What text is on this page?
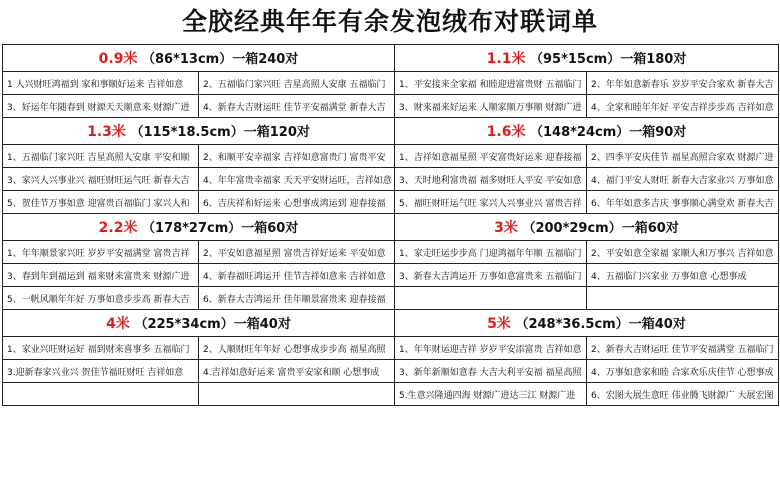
全胶经典年年有余发泡绒布对联词单
0.9米 （86*13cm）一箱240对		1.1米 （95*15cm）一箱180对	
1 人兴财旺鸿福到 家和事顺好运来 吉祥如意	2、五福临门家兴旺 吉星高照人安康 五福临门	1、平安接来全家福 和睦迎进富贵财 五福临门	2、年年如意新春乐 岁岁平安合家欢 新春大吉
3、好运年年随春到 财源天天顺意来 财源广进	4、新春大吉财运旺 佳节平安福满堂 新春大吉	3、财来福来好运来 人顺家顺万事顺 财源广进	4、全家和睦年年好 平安吉祥步步高 吉祥如意
1.3米 （115*18.5cm）一箱120对		1.6米 （148*24cm）一箱90对	
1、五福临门家兴旺 吉星高照人安康 平安和顺	2、和顺平安幸福家 吉祥如意富贵门 富贵平安	1、吉祥如意福星照 平安富贵好运来 迎春接福	2、四季平安庆佳节 福星高照合家欢 财源广进
3、家兴人兴事业兴 福旺财旺运气旺 新春大吉	4、年年富贵幸福家 天天平安财运旺，吉祥如意	3、天时地利富贵福 福多财旺人平安 平安如意	4、福门平安人财旺 新春大吉家业兴 万事如意
5、贺佳节万事如意 迎富贵百福临门 家兴人和	6、吉庆祥和好运来 心想事成鸿运到 迎春接福	5、福旺财旺运气旺 家兴人兴事业兴 富贵吉祥	6、年年如意多吉庆 事事顺心满堂欢 新春大吉
2.2米 （178*27cm）一箱60对		3米 （200*29cm）一箱60对	
1、年年顺景家兴旺 岁岁平安福满堂 富贵吉祥	2、平安如意福星照 富贵吉祥好运来 平安如意	1、家走旺运步步高 门迎鸿福年年顺 五福临门	2、平安如意全家福 家顺人和万事兴 吉祥如意
3、春到年到福运到 福来财来富贵来 财源广进	4、新春福旺鸿运开 佳节吉祥如意来 吉祥如意	3、新春大吉鸿运开 万事如意富贵来 五福临门	4、五福临门兴家业 万事如意 心想事成
5、一帆风顺年年好 万事如意步步高 新春大吉	6、新春大吉鸿运开 佳年顺景富贵来 迎春接福		
4米 （225*34cm）一箱40对		5米 （248*36.5cm）一箱40对	
1、家业兴旺财运好 福到财来喜事多 五福临门	2、人顺财旺年年好 心想事成步步高 福星高照	1、年年财运迎吉祥 岁岁平安添富贵 吉祥如意	2、新春大吉财运旺 佳节平安福满堂 五福临门
3.迎新春家兴业兴 贺佳节福旺财旺 吉祥如意	4.吉祥如意好运来 富贵平安家和顺 心想事成	3、新年新顺如意春 大吉大利平安福 福星高照	4、万事如意家和睦 合家欢乐庆佳节 心想事成
		5.生意兴隆通四海 财源广进达三江 财源广进	6、宏图大展生意旺 伟业腾飞财源广 大展宏图
